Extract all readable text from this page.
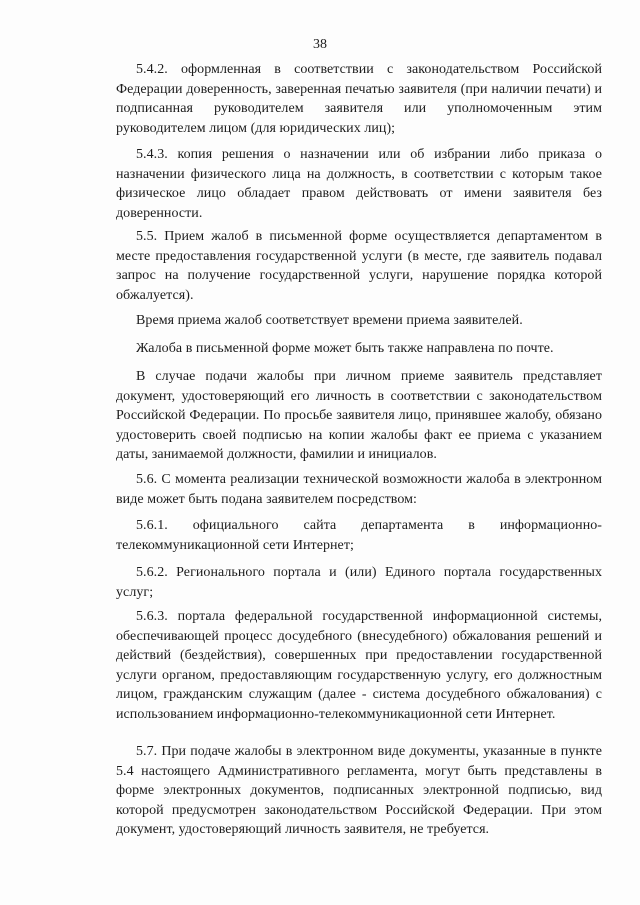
38

5.4.2. оформленная в соответствии с законодательством Российской Федерации доверенность, заверенная печатью заявителя (при наличии печати) и подписанная руководителем заявителя или уполномоченным этим руководителем лицом (для юридических лиц);

5.4.3. копия решения о назначении или об избрании либо приказа о назначении физического лица на должность, в соответствии с которым такое физическое лицо обладает правом действовать от имени заявителя без доверенности.

5.5. Прием жалоб в письменной форме осуществляется департаментом в месте предоставления государственной услуги (в месте, где заявитель подавал запрос на получение государственной услуги, нарушение порядка которой обжалуется).

Время приема жалоб соответствует времени приема заявителей.

Жалоба в письменной форме может быть также направлена по почте.

В случае подачи жалобы при личном приеме заявитель представляет документ, удостоверяющий его личность в соответствии с законодательством Российской Федерации. По просьбе заявителя лицо, принявшее жалобу, обязано удостоверить своей подписью на копии жалобы факт ее приема с указанием даты, занимаемой должности, фамилии и инициалов.

5.6. С момента реализации технической возможности жалоба в электронном виде может быть подана заявителем посредством:

5.6.1. официального сайта департамента в информационно-телекоммуникационной сети Интернет;

5.6.2. Регионального портала и (или) Единого портала государственных услуг;

5.6.3. портала федеральной государственной информационной системы, обеспечивающей процесс досудебного (внесудебного) обжалования решений и действий (бездействия), совершенных при предоставлении государственной услуги органом, предоставляющим государственную услугу, его должностным лицом, гражданским служащим (далее - система досудебного обжалования) с использованием информационно-телекоммуникационной сети Интернет.

5.7. При подаче жалобы в электронном виде документы, указанные в пункте 5.4 настоящего Административного регламента, могут быть представлены в форме электронных документов, подписанных электронной подписью, вид которой предусмотрен законодательством Российской Федерации. При этом документ, удостоверяющий личность заявителя, не требуется.
